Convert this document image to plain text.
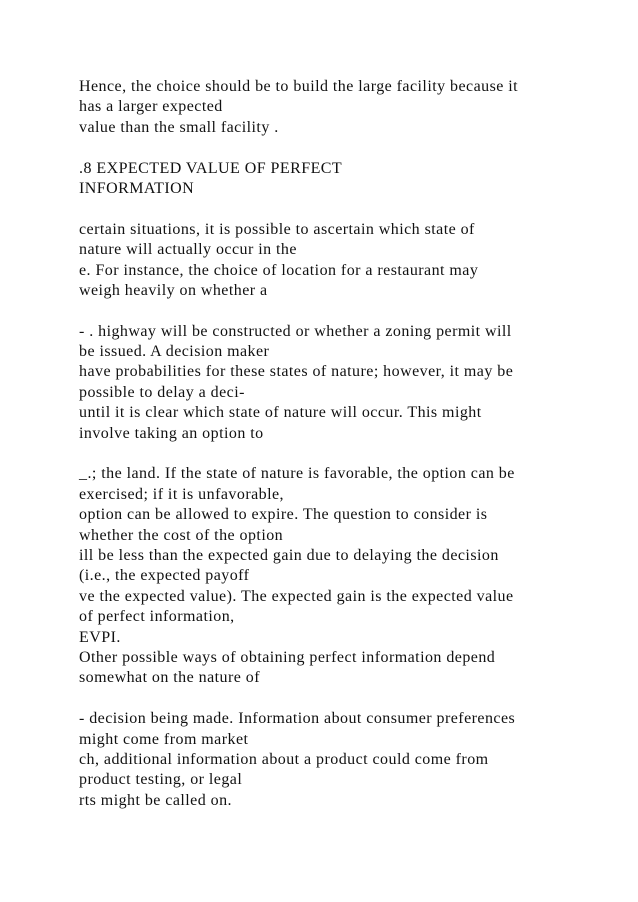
Hence, the choice should be to build the large facility because it
has a larger expected
value than the small facility .
.8 EXPECTED VALUE OF PERFECT
INFORMATION
certain situations, it is possible to ascertain which state of
nature will actually occur in the
e. For instance, the choice of location for a restaurant may
weigh heavily on whether a
- . highway will be constructed or whether a zoning permit will
be issued. A decision maker
have probabilities for these states of nature; however, it may be
possible to delay a deci-
until it is clear which state of nature will occur. This might
involve taking an option to
_.; the land. If the state of nature is favorable, the option can be
exercised; if it is unfavorable,
option can be allowed to expire. The question to consider is
whether the cost of the option
ill be less than the expected gain due to delaying the decision
(i.e., the expected payoff
ve the expected value). The expected gain is the expected value
of perfect information,
EVPI.
Other possible ways of obtaining perfect information depend
somewhat on the nature of
- decision being made. Information about consumer preferences
might come from market
ch, additional information about a product could come from
product testing, or legal
rts might be called on.
